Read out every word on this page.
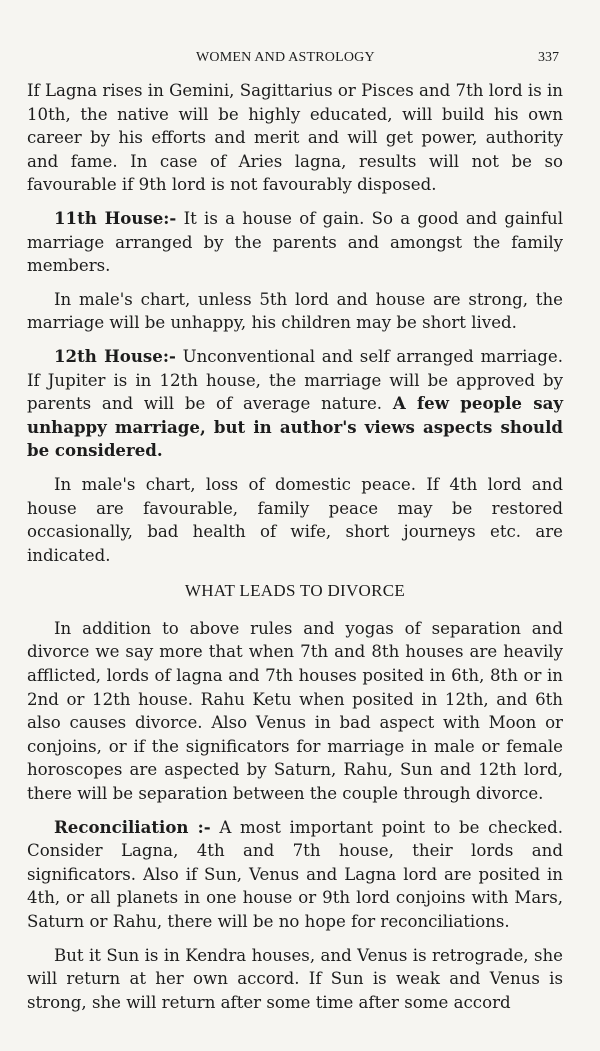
WOMEN AND ASTROLOGY	337

If Lagna rises in Gemini, Sagittarius or Pisces and 7th lord is in 10th, the native will be highly educated, will build his own career by his efforts and merit and will get power, authority and fame. In case of Aries lagna, results will not be so favourable if 9th lord is not favourably disposed.

11th House:- It is a house of gain. So a good and gainful marriage arranged by the parents and amongst the family members.

In male's chart, unless 5th lord and house are strong, the marriage will be unhappy, his children may be short lived.

12th House:- Unconventional and self arranged marriage. If Jupiter is in 12th house, the marriage will be approved by parents and will be of average nature. A few people say unhappy marriage, but in author's views aspects should be considered.

In male's chart, loss of domestic peace. If 4th lord and house are favourable, family peace may be restored occasionally, bad health of wife, short journeys etc. are indicated.

WHAT LEADS TO DIVORCE

In addition to above rules and yogas of separation and divorce we say more that when 7th and 8th houses are heavily afflicted, lords of lagna and 7th houses posited in 6th, 8th or in 2nd or 12th house. Rahu Ketu when posited in 12th, and 6th also causes divorce. Also Venus in bad aspect with Moon or conjoins, or if the significators for marriage in male or female horoscopes are aspected by Saturn, Rahu, Sun and 12th lord, there will be separation between the couple through divorce.

Reconciliation :- A most important point to be checked. Consider Lagna, 4th and 7th house, their lords and significators. Also if Sun, Venus and Lagna lord are posited in 4th, or all planets in one house or 9th lord conjoins with Mars, Saturn or Rahu, there will be no hope for reconciliations.

But it Sun is in Kendra houses, and Venus is retrograde, she will return at her own accord. If Sun is weak and Venus is strong, she will return after some time after some accord
